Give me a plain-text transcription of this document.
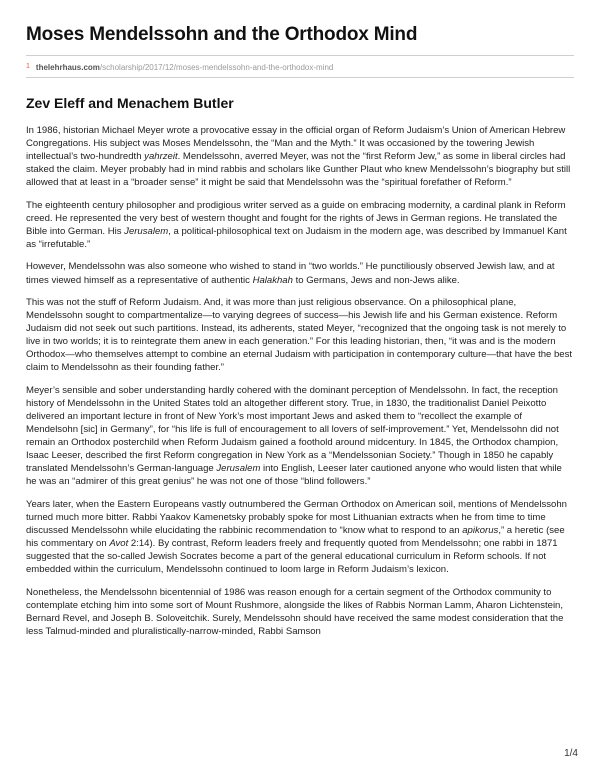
Moses Mendelssohn and the Orthodox Mind
1 thelehrhaus.com/scholarship/2017/12/moses-mendelssohn-and-the-orthodox-mind
Zev Eleff and Menachem Butler

In 1986, historian Michael Meyer wrote a provocative essay in the official organ of Reform Judaism’s Union of American Hebrew Congregations. His subject was Moses Mendelssohn, the “Man and the Myth.” It was occasioned by the towering Jewish intellectual’s two-hundredth yahrzeit. Mendelssohn, averred Meyer, was not the “first Reform Jew,” as some in liberal circles had staked the claim. Meyer probably had in mind rabbis and scholars like Gunther Plaut who knew Mendelssohn’s biography but still allowed that at least in a “broader sense” it might be said that Mendelssohn was the “spiritual forefather of Reform.”

The eighteenth century philosopher and prodigious writer served as a guide on embracing modernity, a cardinal plank in Reform creed. He represented the very best of western thought and fought for the rights of Jews in German regions. He translated the Bible into German. His Jerusalem, a political-philosophical text on Judaism in the modern age, was described by Immanuel Kant as “irrefutable.”

However, Mendelssohn was also someone who wished to stand in “two worlds.” He punctiliously observed Jewish law, and at times viewed himself as a representative of authentic Halakhah to Germans, Jews and non-Jews alike.

This was not the stuff of Reform Judaism. And, it was more than just religious observance. On a philosophical plane, Mendelssohn sought to compartmentalize—to varying degrees of success—his Jewish life and his German existence. Reform Judaism did not seek out such partitions. Instead, its adherents, stated Meyer, “recognized that the ongoing task is not merely to live in two worlds; it is to reintegrate them anew in each generation.” For this leading historian, then, “it was and is the modern Orthodox—who themselves attempt to combine an eternal Judaism with participation in contemporary culture—that have the best claim to Mendelssohn as their founding father.”

Meyer’s sensible and sober understanding hardly cohered with the dominant perception of Mendelssohn. In fact, the reception history of Mendelssohn in the United States told an altogether different story. True, in 1830, the traditionalist Daniel Peixotto delivered an important lecture in front of New York’s most important Jews and asked them to “recollect the example of Mendelsohn [sic] in Germany”, for “his life is full of encouragement to all lovers of self-improvement.” Yet, Mendelssohn did not remain an Orthodox posterchild when Reform Judaism gained a foothold around midcentury. In 1845, the Orthodox champion, Isaac Leeser, described the first Reform congregation in New York as a “Mendelssonian Society.” Though in 1850 he capably translated Mendelssohn’s German-language Jerusalem into English, Leeser later cautioned anyone who would listen that while he was an “admirer of this great genius” he was not one of those “blind followers.”

Years later, when the Eastern Europeans vastly outnumbered the German Orthodox on American soil, mentions of Mendelssohn turned much more bitter. Rabbi Yaakov Kamenetsky probably spoke for most Lithuanian extracts when he from time to time discussed Mendelssohn while elucidating the rabbinic recommendation to “know what to respond to an apikorus,” a heretic (see his commentary on Avot 2:14). By contrast, Reform leaders freely and frequently quoted from Mendelssohn; one rabbi in 1871 suggested that the so-called Jewish Socrates become a part of the general educational curriculum in Reform schools. If not embedded within the curriculum, Mendelssohn continued to loom large in Reform Judaism’s lexicon.

Nonetheless, the Mendelssohn bicentennial of 1986 was reason enough for a certain segment of the Orthodox community to contemplate etching him into some sort of Mount Rushmore, alongside the likes of Rabbis Norman Lamm, Aharon Lichtenstein, Bernard Revel, and Joseph B. Soloveitchik. Surely, Mendelssohn should have received the same modest consideration that the less Talmud-minded and pluralistically-narrow-minded, Rabbi Samson

1/4
